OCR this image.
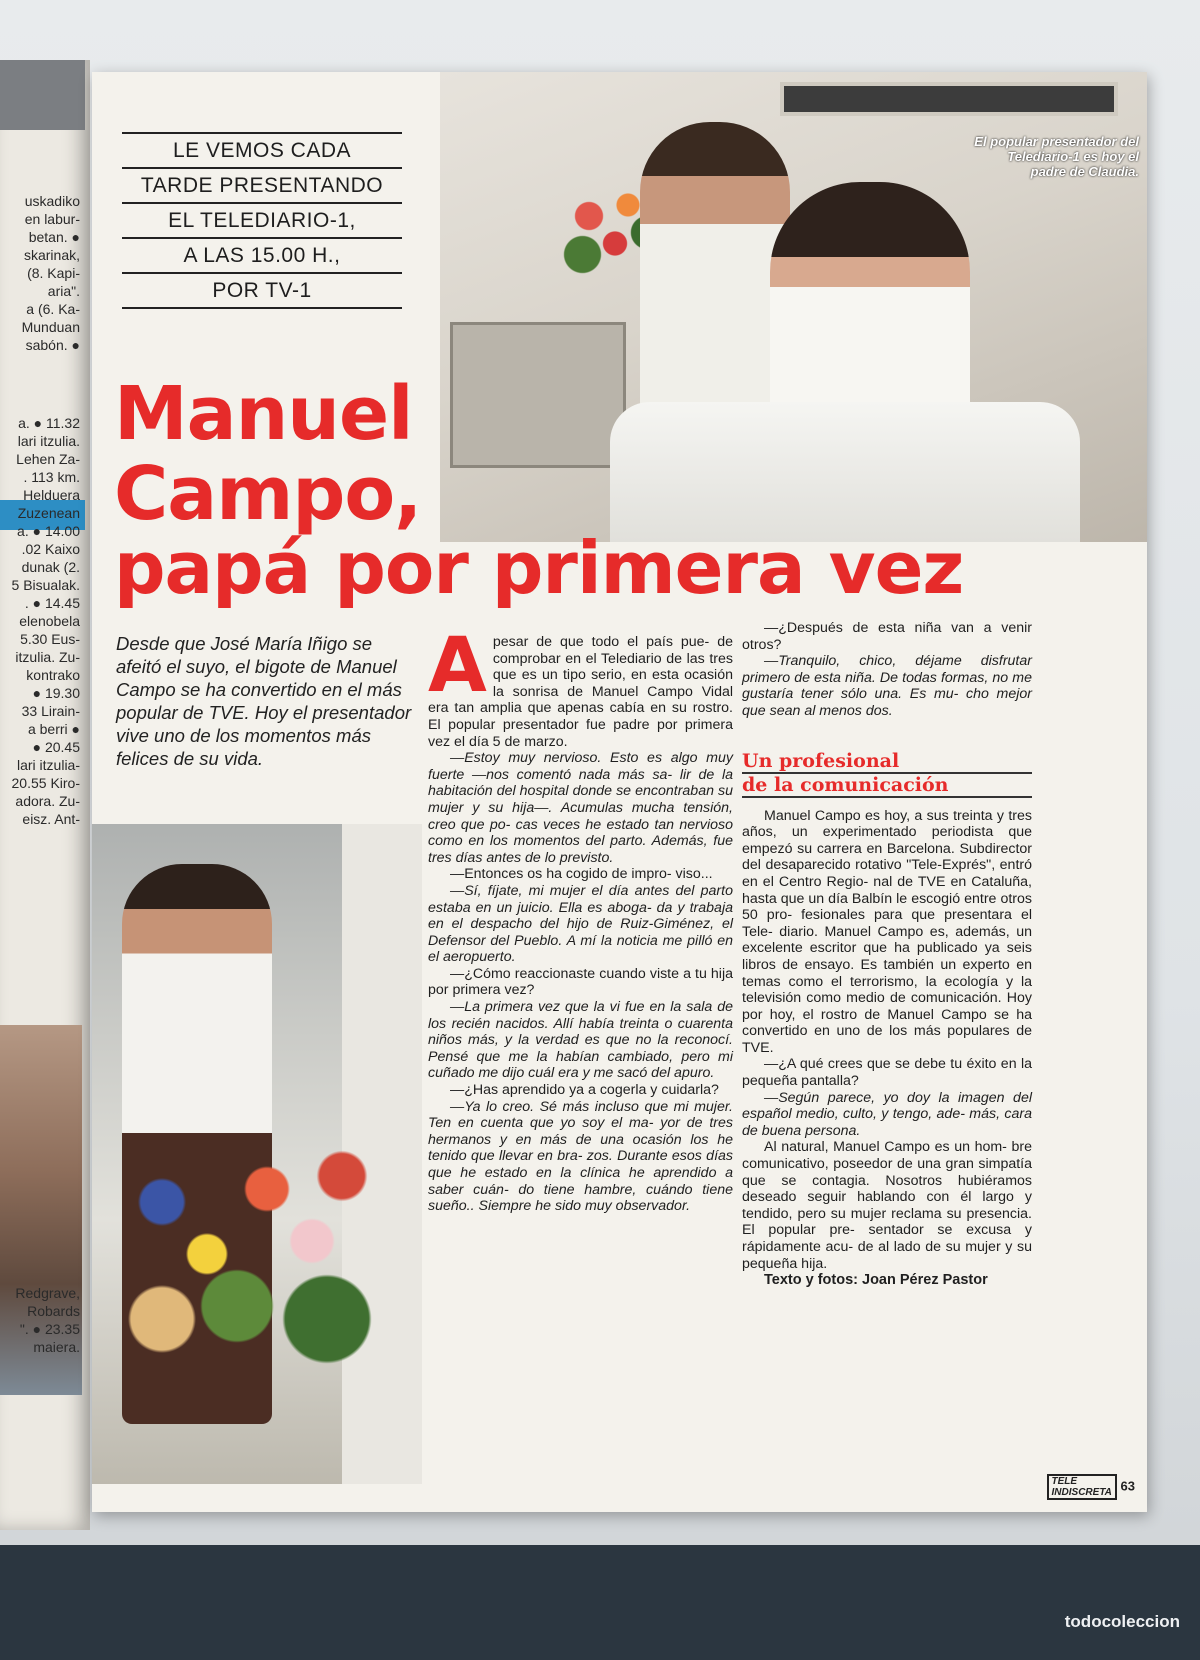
uskadiko
en labur-
betan. ●
skarinak,
(8. Kapi-
aria".
a (6. Ka-
Munduan
sabón. ●
a. ● 11.32
lari itzulia.
Lehen Za-
. 113 km.
Helduera
Zuzenean
a. ● 14.00
.02 Kaixo
dunak (2.
5 Bisualak.
. ● 14.45
elenobela
5.30 Eus-
itzulia. Zu-
kontrako
● 19.30
33 Lirain-
a berri ●
● 20.45
lari itzulia-
20.55 Kiro-
adora. Zu-
eisz. Ant-
Redgrave,
Robards
". ● 23.35
maiera.
LE VEMOS CADA
TARDE PRESENTANDO
EL TELEDIARIO-1,
A LAS 15.00 H.,
POR TV-1
El popular presentador del Telediario-1 es hoy el padre de Claudia.
Manuel
Campo,
papá por primera vez
Desde que José María Iñigo se afeitó el suyo, el bigote de Manuel Campo se ha convertido en el más popular de TVE. Hoy el presentador vive uno de los momentos más felices de su vida.
A pesar de que todo el país pue- de comprobar en el Telediario de las tres que es un tipo serio, en esta ocasión la sonrisa de Manuel Campo Vidal era tan amplia que apenas cabía en su rostro. El popular presentador fue padre por primera vez el día 5 de marzo.

—Estoy muy nervioso. Esto es algo muy fuerte —nos comentó nada más sa- lir de la habitación del hospital donde se encontraban su mujer y su hija—. Acumulas mucha tensión, creo que po- cas veces he estado tan nervioso como en los momentos del parto. Además, fue tres días antes de lo previsto.

—Entonces os ha cogido de impro- viso...

—Sí, fíjate, mi mujer el día antes del parto estaba en un juicio. Ella es aboga- da y trabaja en el despacho del hijo de Ruiz-Giménez, el Defensor del Pueblo. A mí la noticia me pilló en el aeropuerto.

—¿Cómo reaccionaste cuando viste a tu hija por primera vez?

—La primera vez que la vi fue en la sala de los recién nacidos. Allí había treinta o cuarenta niños más, y la verdad es que no la reconocí. Pensé que me la habían cambiado, pero mi cuñado me dijo cuál era y me sacó del apuro.

—¿Has aprendido ya a cogerla y cuidarla?

—Ya lo creo. Sé más incluso que mi mujer. Ten en cuenta que yo soy el ma- yor de tres hermanos y en más de una ocasión los he tenido que llevar en bra- zos. Durante esos días que he estado en la clínica he aprendido a saber cuán- do tiene hambre, cuándo tiene sueño.. Siempre he sido muy observador.

—¿Después de esta niña van a venir otros?

—Tranquilo, chico, déjame disfrutar primero de esta niña. De todas formas, no me gustaría tener sólo una. Es mu- cho mejor que sean al menos dos.

Un profesional
de la comunicación

Manuel Campo es hoy, a sus treinta y tres años, un experimentado periodista que empezó su carrera en Barcelona. Subdirector del desaparecido rotativo "Tele-Exprés", entró en el Centro Regio- nal de TVE en Cataluña, hasta que un día Balbín le escogió entre otros 50 pro- fesionales para que presentara el Tele- diario. Manuel Campo es, además, un excelente escritor que ha publicado ya seis libros de ensayo. Es también un experto en temas como el terrorismo, la ecología y la televisión como medio de comunicación. Hoy por hoy, el rostro de Manuel Campo se ha convertido en uno de los más populares de TVE.

—¿A qué crees que se debe tu éxito en la pequeña pantalla?

—Según parece, yo doy la imagen del español medio, culto, y tengo, ade- más, cara de buena persona.

Al natural, Manuel Campo es un hom- bre comunicativo, poseedor de una gran simpatía que se contagia. Nosotros hubiéramos deseado seguir hablando con él largo y tendido, pero su mujer reclama su presencia. El popular pre- sentador se excusa y rápidamente acu- de al lado de su mujer y su pequeña hija.

Texto y fotos: Joan Pérez Pastor

TELE
INDISCRETA 63
todocoleccion
